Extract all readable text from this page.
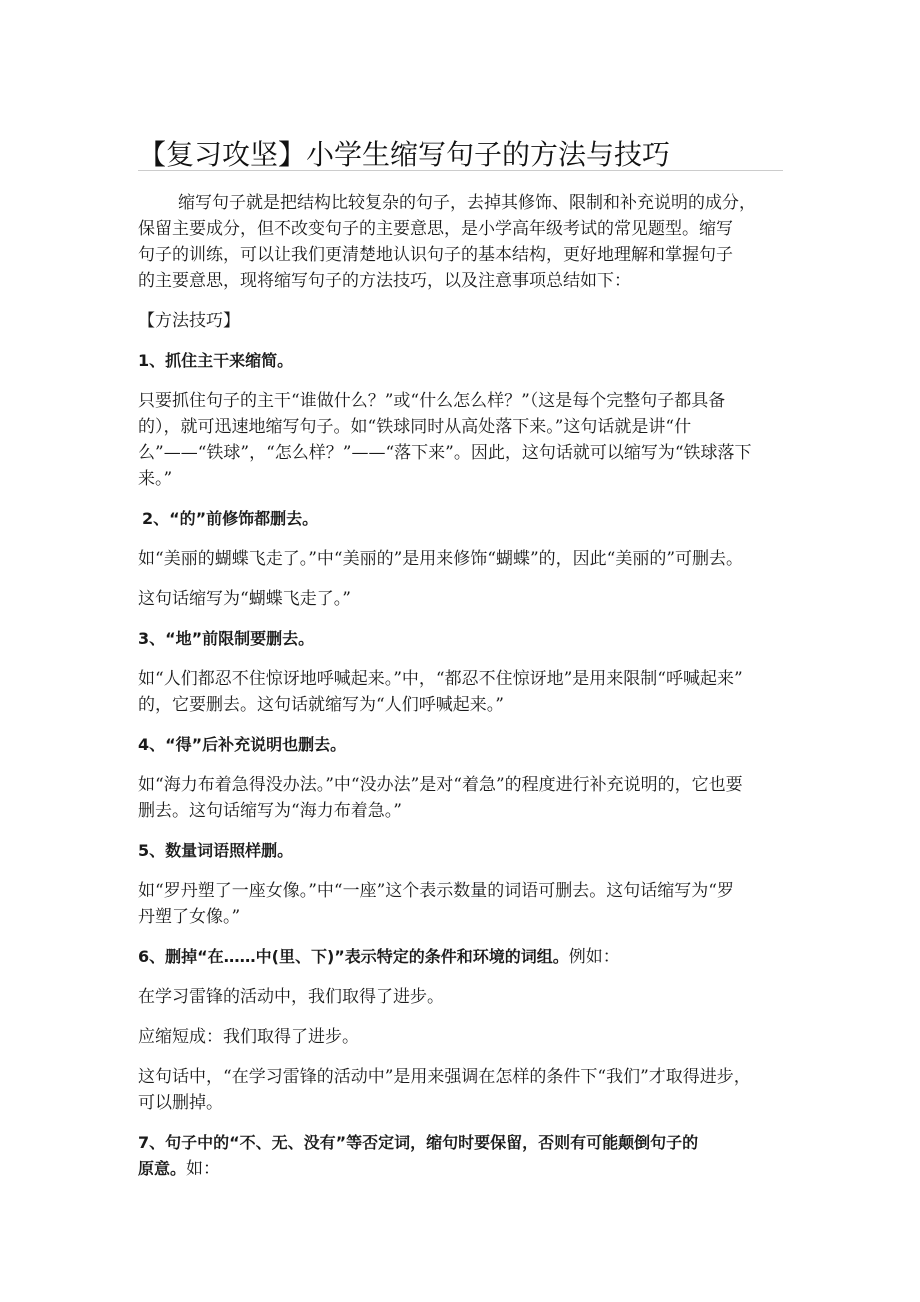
【复习攻坚】小学生缩写句子的方法与技巧
缩写句子就是把结构比较复杂的句子，去掉其修饰、限制和补充说明的成分，
保留主要成分，但不改变句子的主要意思，是小学高年级考试的常见题型。缩写
句子的训练，可以让我们更清楚地认识句子的基本结构，更好地理解和掌握句子
的主要意思，现将缩写句子的方法技巧，以及注意事项总结如下：
【方法技巧】
1、抓住主干来缩简。
只要抓住句子的主干“谁做什么？”或“什么怎么样？”（这是每个完整句子都具备
的），就可迅速地缩写句子。如“铁球同时从高处落下来。”这句话就是讲“什
么”——“铁球”，“怎么样？”——“落下来”。因此，这句话就可以缩写为“铁球落下
来。”
2、“的”前修饰都删去。
如“美丽的蝴蝶飞走了。”中“美丽的”是用来修饰“蝴蝶”的，因此“美丽的”可删去。
这句话缩写为“蝴蝶飞走了。”
3、“地”前限制要删去。
如“人们都忍不住惊讶地呼喊起来。”中，“都忍不住惊讶地”是用来限制“呼喊起来”
的，它要删去。这句话就缩写为“人们呼喊起来。”
4、“得”后补充说明也删去。
如“海力布着急得没办法。”中“没办法”是对“着急”的程度进行补充说明的，它也要
删去。这句话缩写为“海力布着急。”
5、数量词语照样删。
如“罗丹塑了一座女像。”中“一座”这个表示数量的词语可删去。这句话缩写为“罗
丹塑了女像。”
6、删掉“在……中(里、下)”表示特定的条件和环境的词组。例如：
在学习雷锋的活动中，我们取得了进步。
应缩短成：我们取得了进步。
这句话中，“在学习雷锋的活动中”是用来强调在怎样的条件下“我们”才取得进步，
可以删掉。
7、句子中的“不、无、没有”等否定词，缩句时要保留，否则有可能颠倒句子的
原意。如：
